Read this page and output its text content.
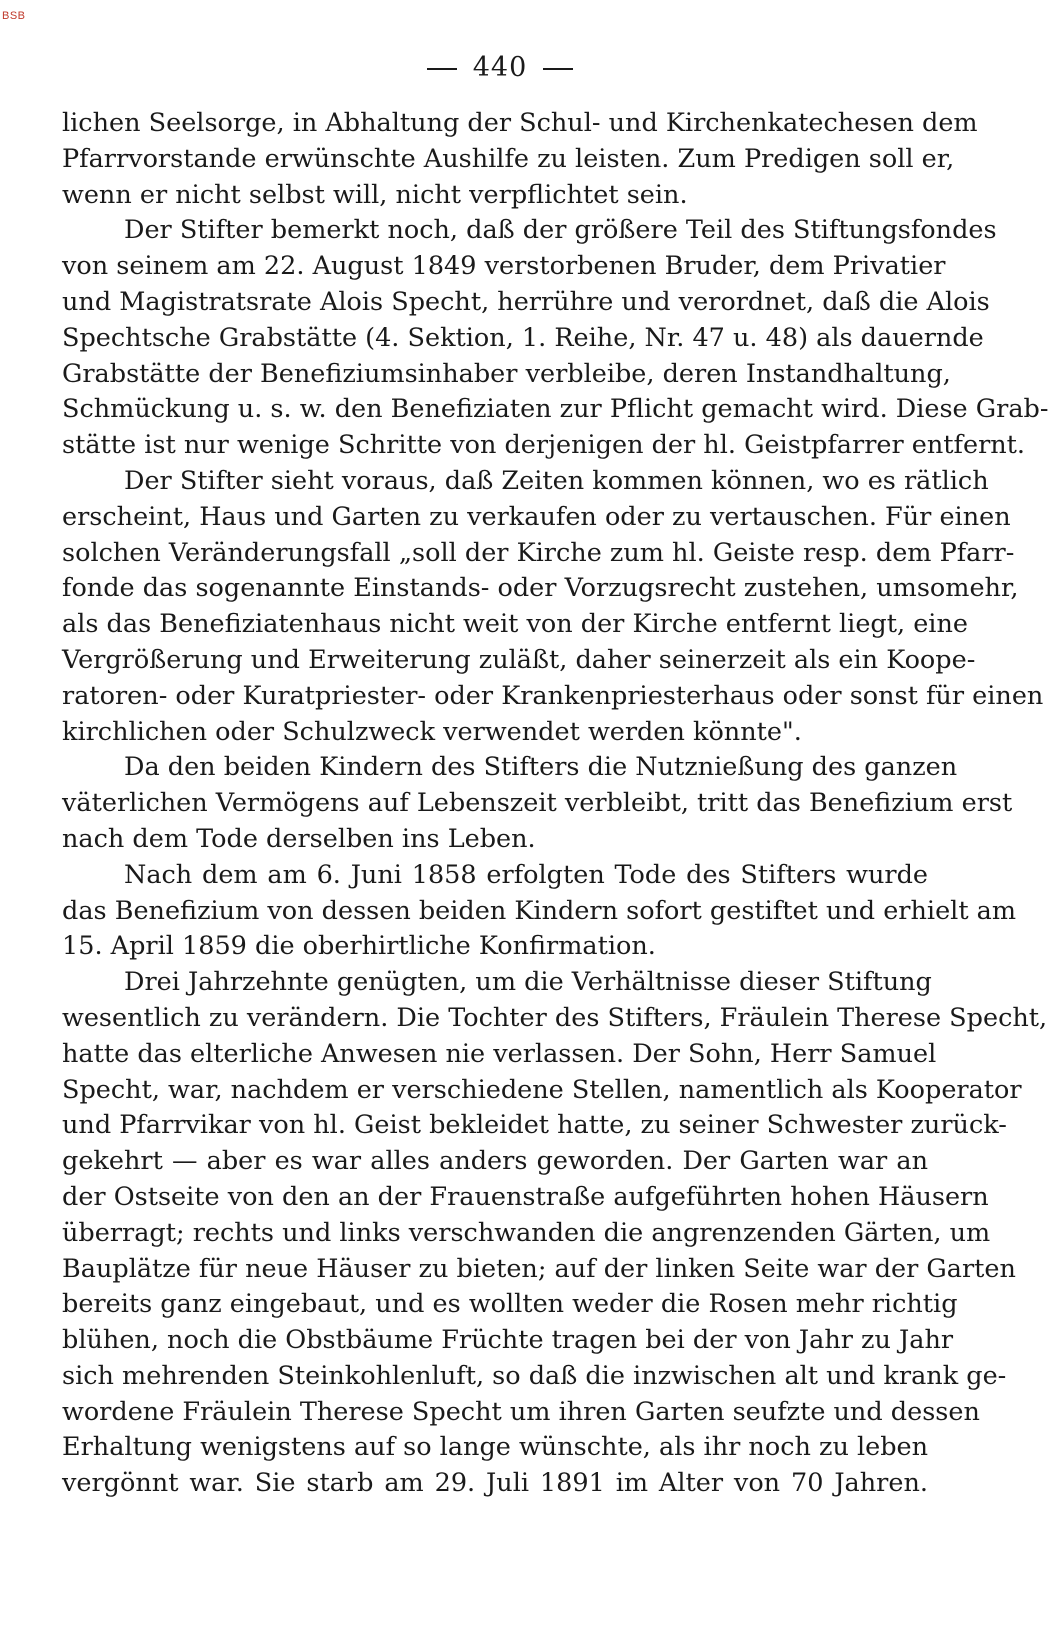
BSB
440
lichen Seelsorge, in Abhaltung der Schul- und Kirchenkatechesen dem
Pfarrvorstande erwünschte Aushilfe zu leisten. Zum Predigen soll er,
wenn er nicht selbst will, nicht verpflichtet sein.
Der Stifter bemerkt noch, daß der größere Teil des Stiftungsfondes
von seinem am 22. August 1849 verstorbenen Bruder, dem Privatier
und Magistratsrate Alois Specht, herrühre und verordnet, daß die Alois
Spechtsche Grabstätte (4. Sektion, 1. Reihe, Nr. 47 u. 48) als dauernde
Grabstätte der Benefiziumsinhaber verbleibe, deren Instandhaltung,
Schmückung u. s. w. den Benefiziaten zur Pflicht gemacht wird. Diese Grab-
stätte ist nur wenige Schritte von derjenigen der hl. Geistpfarrer entfernt.
Der Stifter sieht voraus, daß Zeiten kommen können, wo es rätlich
erscheint, Haus und Garten zu verkaufen oder zu vertauschen. Für einen
solchen Veränderungsfall „soll der Kirche zum hl. Geiste resp. dem Pfarr-
fonde das sogenannte Einstands- oder Vorzugsrecht zustehen, umsomehr,
als das Benefiziatenhaus nicht weit von der Kirche entfernt liegt, eine
Vergrößerung und Erweiterung zuläßt, daher seinerzeit als ein Koope-
ratoren- oder Kuratpriester- oder Krankenpriesterhaus oder sonst für einen
kirchlichen oder Schulzweck verwendet werden könnte".
Da den beiden Kindern des Stifters die Nutznießung des ganzen
väterlichen Vermögens auf Lebenszeit verbleibt, tritt das Benefizium erst
nach dem Tode derselben ins Leben.
Nach dem am 6. Juni 1858 erfolgten Tode des Stifters wurde
das Benefizium von dessen beiden Kindern sofort gestiftet und erhielt am
15. April 1859 die oberhirtliche Konfirmation.
Drei Jahrzehnte genügten, um die Verhältnisse dieser Stiftung
wesentlich zu verändern. Die Tochter des Stifters, Fräulein Therese Specht,
hatte das elterliche Anwesen nie verlassen. Der Sohn, Herr Samuel
Specht, war, nachdem er verschiedene Stellen, namentlich als Kooperator
und Pfarrvikar von hl. Geist bekleidet hatte, zu seiner Schwester zurück-
gekehrt — aber es war alles anders geworden. Der Garten war an
der Ostseite von den an der Frauenstraße aufgeführten hohen Häusern
überragt; rechts und links verschwanden die angrenzenden Gärten, um
Bauplätze für neue Häuser zu bieten; auf der linken Seite war der Garten
bereits ganz eingebaut, und es wollten weder die Rosen mehr richtig
blühen, noch die Obstbäume Früchte tragen bei der von Jahr zu Jahr
sich mehrenden Steinkohlenluft, so daß die inzwischen alt und krank ge-
wordene Fräulein Therese Specht um ihren Garten seufzte und dessen
Erhaltung wenigstens auf so lange wünschte, als ihr noch zu leben
vergönnt war. Sie starb am 29. Juli 1891 im Alter von 70 Jahren.
